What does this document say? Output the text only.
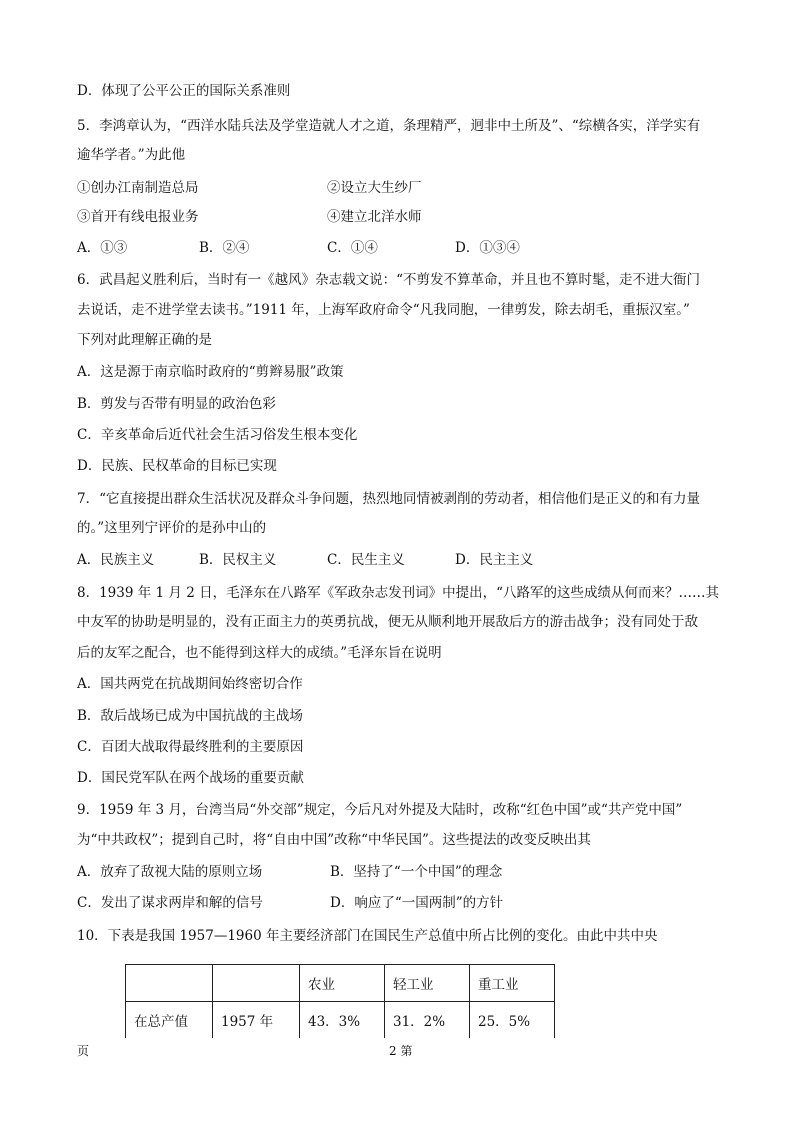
D．体现了公平公正的国际关系准则
5．李鸿章认为，“西洋水陆兵法及学堂造就人才之道，条理精严，迥非中土所及”、“综横各实，洋学实有
逾华学者。”为此他
①创办江南制造总局	②设立大生纱厂
③首开有线电报业务	④建立北洋水师
A．①③	B．②④	C．①④	D．①③④
6．武昌起义胜利后，当时有一《越风》杂志载文说：“不剪发不算革命，并且也不算时髦，走不进大衙门
去说话，走不进学堂去读书。”1911 年，上海军政府命令“凡我同胞，一律剪发，除去胡毛，重振汉室。”
下列对此理解正确的是
A．这是源于南京临时政府的“剪辫易服”政策
B．剪发与否带有明显的政治色彩
C．辛亥革命后近代社会生活习俗发生根本变化
D．民族、民权革命的目标已实现
7．“它直接提出群众生活状况及群众斗争问题，热烈地同情被剥削的劳动者，相信他们是正义的和有力量
的。”这里列宁评价的是孙中山的
A．民族主义	B．民权主义	C．民生主义	D．民主主义
8．1939 年 1 月 2 日，毛泽东在八路军《军政杂志发刊词》中提出，“八路军的这些成绩从何而来？……其
中友军的协助是明显的，没有正面主力的英勇抗战，便无从顺利地开展敌后方的游击战争；没有同处于敌
后的友军之配合，也不能得到这样大的成绩。”毛泽东旨在说明
A．国共两党在抗战期间始终密切合作
B．敌后战场已成为中国抗战的主战场
C．百团大战取得最终胜利的主要原因
D．国民党军队在两个战场的重要贡献
9．1959 年 3 月，台湾当局“外交部”规定，今后凡对外提及大陆时，改称“红色中国”或“共产党中国”
为“中共政权”；提到自己时，将“自由中国”改称“中华民国”。这些提法的改变反映出其
A．放弃了敌视大陆的原则立场	B．坚持了“一个中国”的理念
C．发出了谋求两岸和解的信号	D．响应了“一国两制”的方针
10．下表是我国 1957—1960 年主要经济部门在国民生产总值中所占比例的变化。由此中共中央
		农业	轻工业	重工业
在总产值	1957 年	43．3%	31．2%	25．5%
页	2 第
